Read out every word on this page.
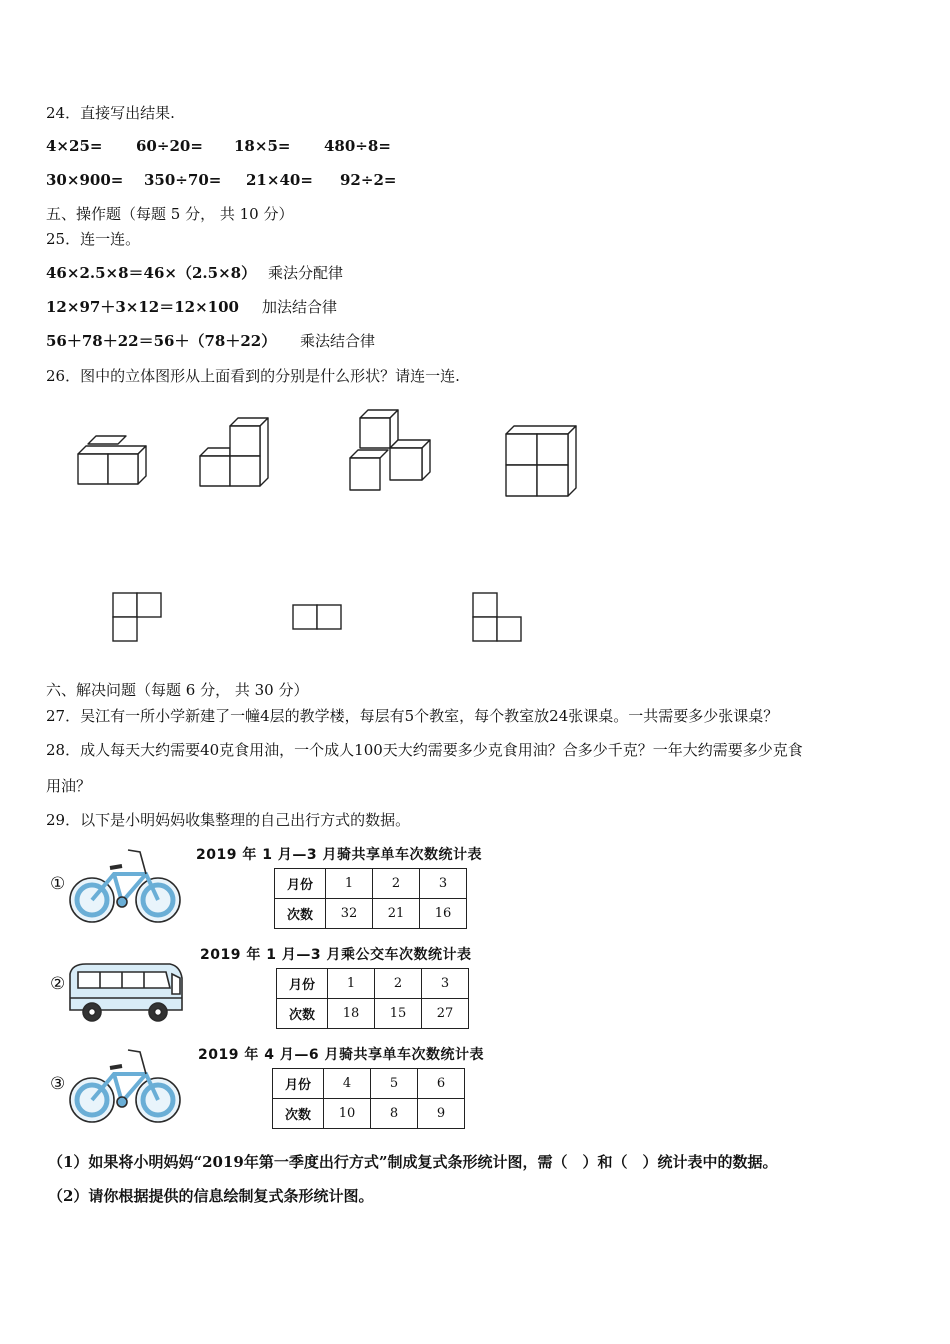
24．直接写出结果.
4×25= 60÷20= 18×5= 480÷8=
30×900= 350÷70= 21×40= 92÷2=
五、操作题（每题 5 分， 共 10 分）
25．连一连。
46×2.5×8＝46×（2.5×8） 乘法分配律
12×97＋3×12＝12×100 加法结合律
56＋78＋22＝56＋（78＋22） 乘法结合律
26．图中的立体图形从上面看到的分别是什么形状？请连一连.
六、解决问题（每题 6 分， 共 30 分）
27．吴江有一所小学新建了一幢4层的教学楼，每层有5个教室，每个教室放24张课桌。一共需要多少张课桌？
28．成人每天大约需要40克食用油，一个成人100天大约需要多少克食用油？合多少千克？一年大约需要多少克食
用油？
29．以下是小明妈妈收集整理的自己出行方式的数据。
①
2019 年 1 月—3 月骑共享单车次数统计表
月份	1	2	3
次数	32	21	16
②
2019 年 1 月—3 月乘公交车次数统计表
月份	1	2	3
次数	18	15	27
③
2019 年 4 月—6 月骑共享单车次数统计表
月份	4	5	6
次数	10	8	9
（1）如果将小明妈妈“2019年第一季度出行方式”制成复式条形统计图，需（　）和（　）统计表中的数据。
（2）请你根据提供的信息绘制复式条形统计图。
